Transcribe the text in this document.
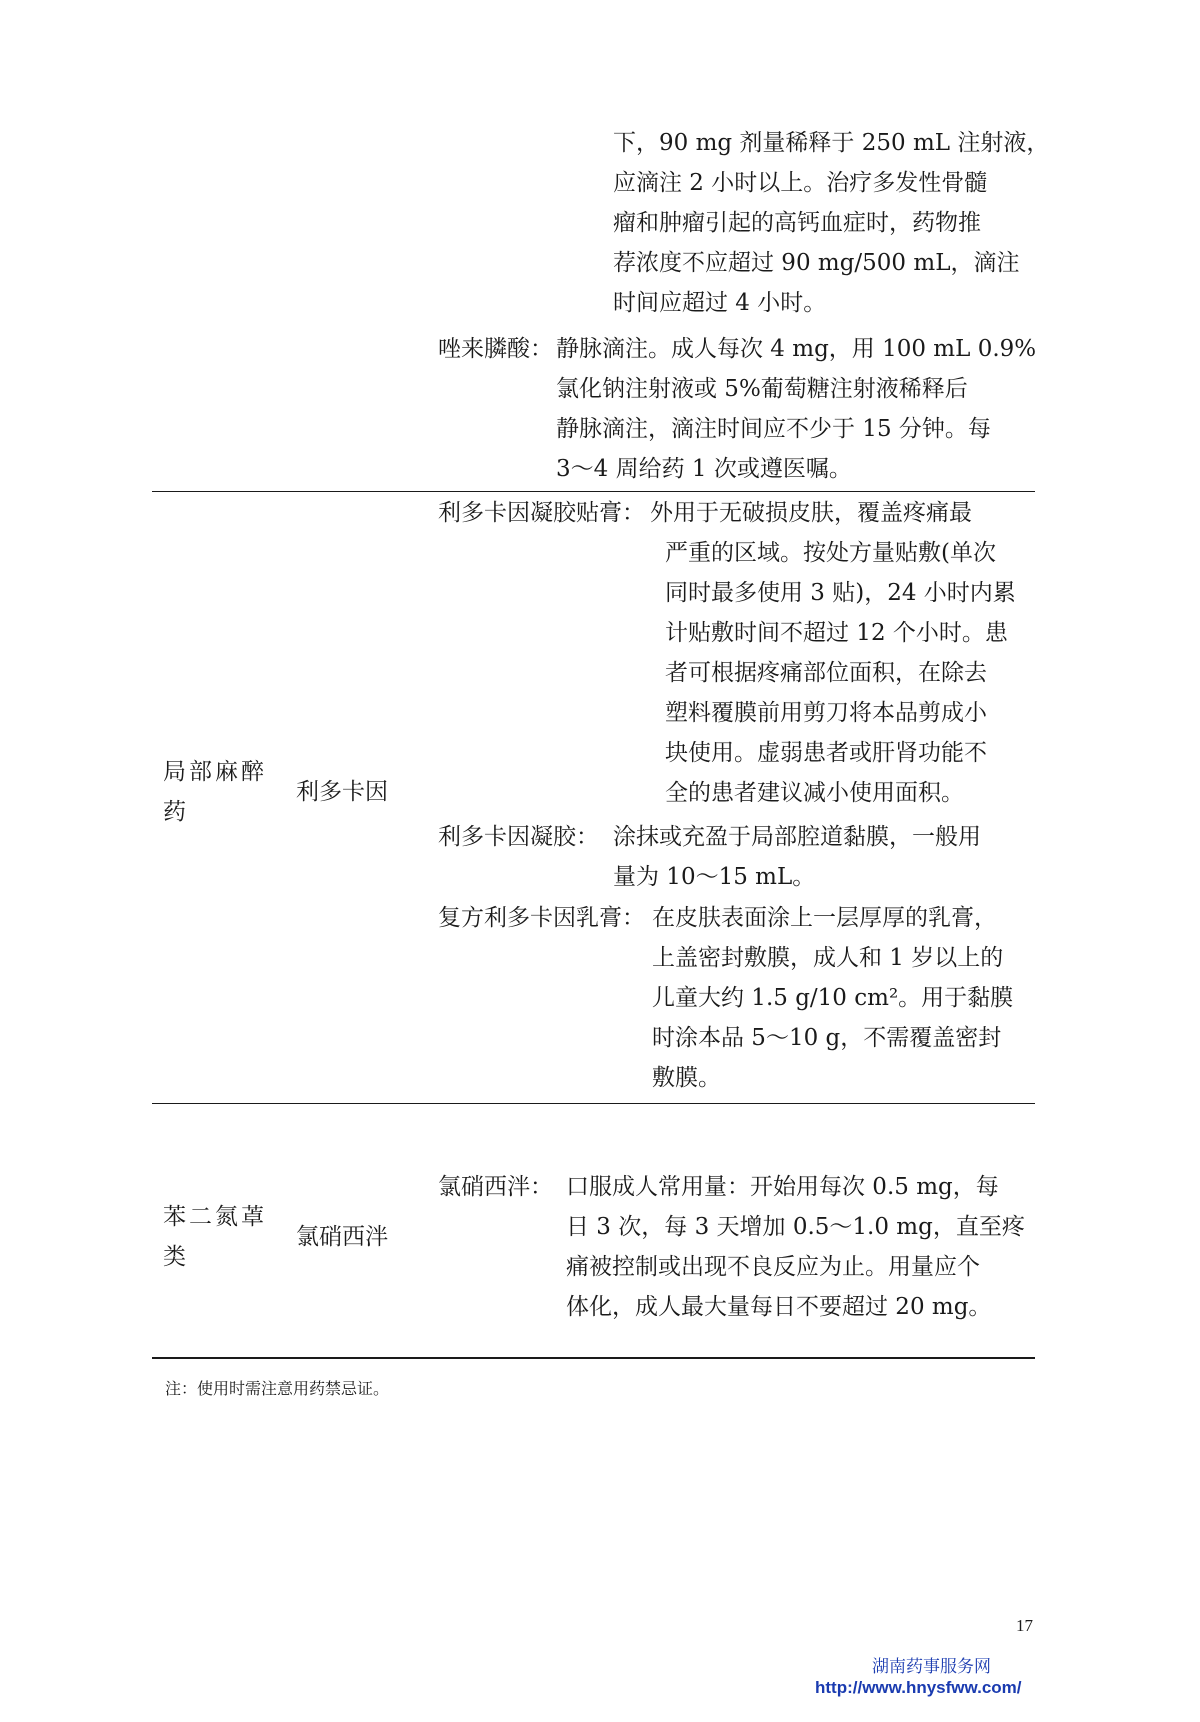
下，90 mg 剂量稀释于 250 mL 注射液，
应滴注 2 小时以上。治疗多发性骨髓
瘤和肿瘤引起的高钙血症时，药物推
荐浓度不应超过 90 mg/500 mL，滴注
时间应超过 4 小时。
唑来膦酸： 静脉滴注。成人每次 4 mg，用 100 mL 0.9%
氯化钠注射液或 5%葡萄糖注射液稀释后
静脉滴注，滴注时间应不少于 15 分钟。每
3～4 周给药 1 次或遵医嘱。
局部麻醉
药
利多卡因
利多卡因凝胶贴膏： 外用于无破损皮肤，覆盖疼痛最
严重的区域。按处方量贴敷(单次
同时最多使用 3 贴)，24 小时内累
计贴敷时间不超过 12 个小时。患
者可根据疼痛部位面积，在除去
塑料覆膜前用剪刀将本品剪成小
块使用。虚弱患者或肝肾功能不
全的患者建议减小使用面积。
利多卡因凝胶： 涂抹或充盈于局部腔道黏膜，一般用
量为 10～15 mL。
复方利多卡因乳膏： 在皮肤表面涂上一层厚厚的乳膏，
上盖密封敷膜，成人和 1 岁以上的
儿童大约 1.5 g/10 cm²。用于黏膜
时涂本品 5～10 g，不需覆盖密封
敷膜。
苯二氮䓬
类
氯硝西泮
氯硝西泮： 口服成人常用量：开始用每次 0.5 mg，每
日 3 次，每 3 天增加 0.5～1.0 mg，直至疼
痛被控制或出现不良反应为止。用量应个
体化，成人最大量每日不要超过 20 mg。
注：使用时需注意用药禁忌证。
17
湖南药事服务网
http://www.hnysfww.com/
